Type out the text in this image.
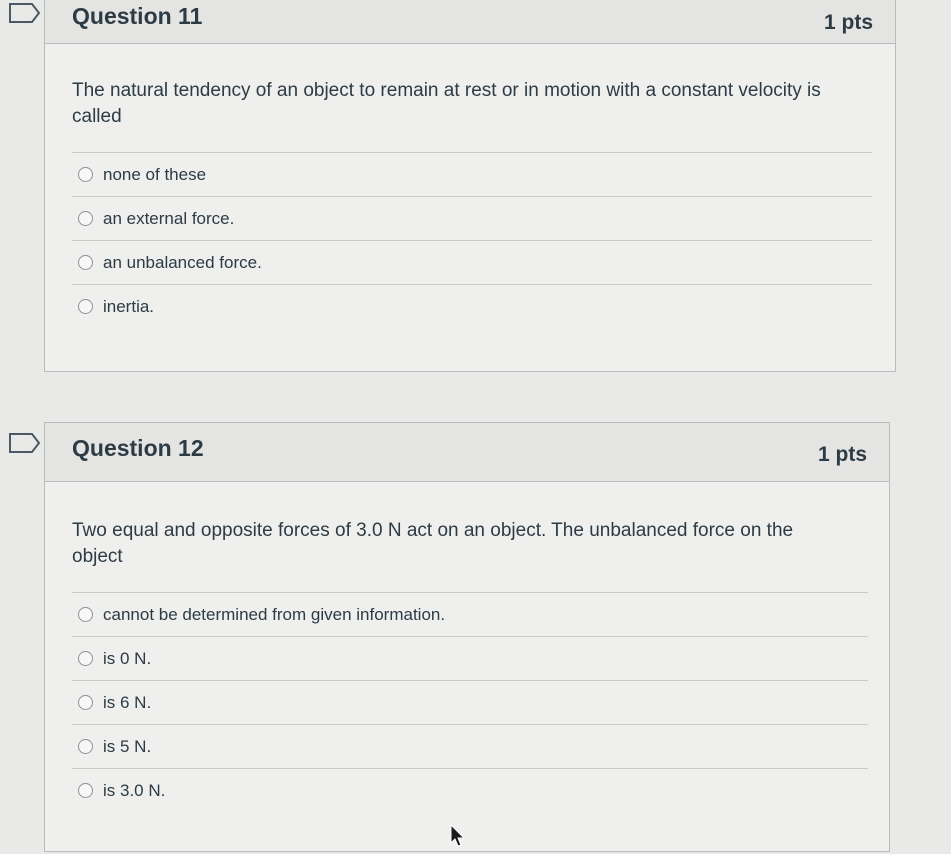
Question 11	1 pts
The natural tendency of an object to remain at rest or in motion with a constant velocity is called
none of these
an external force.
an unbalanced force.
inertia.
Question 12	1 pts
Two equal and opposite forces of 3.0 N act on an object. The unbalanced force on the object
cannot be determined from given information.
is 0 N.
is 6 N.
is 5 N.
is 3.0 N.
